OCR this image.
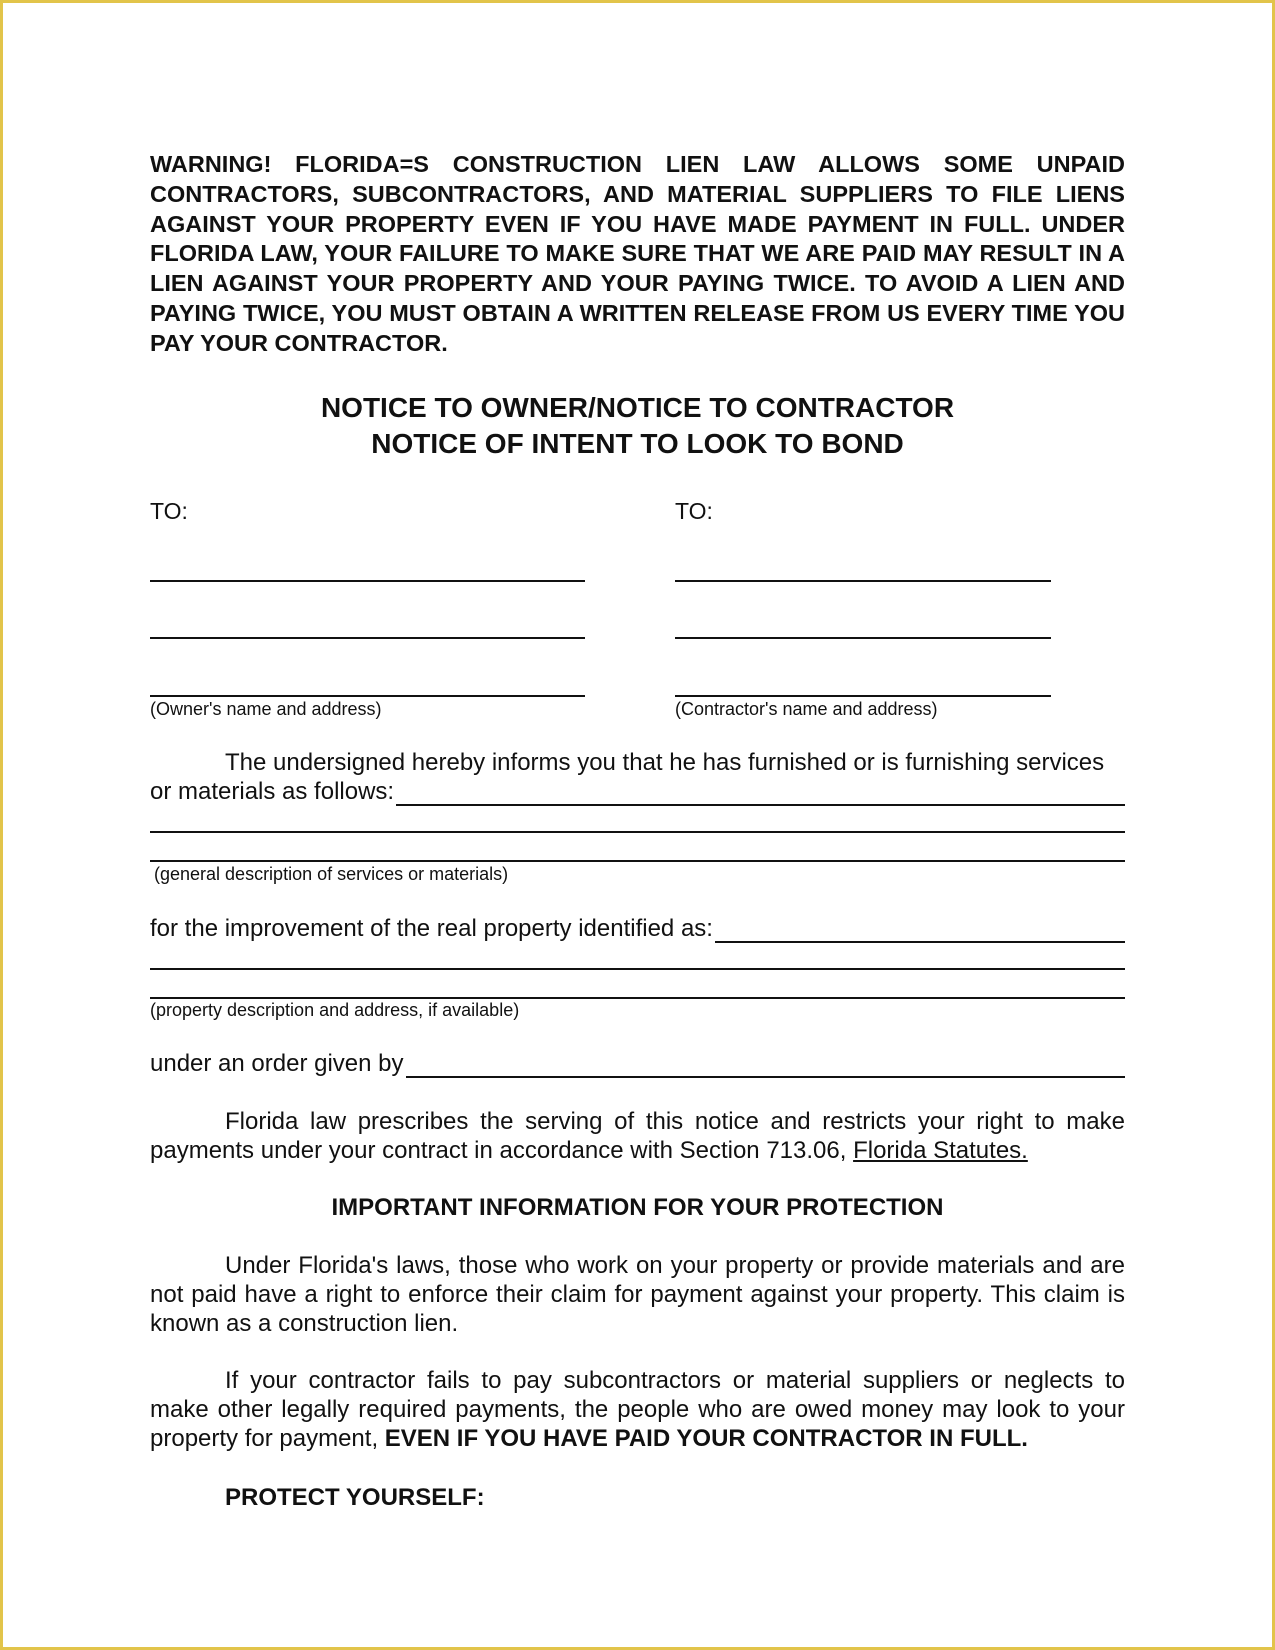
WARNING! FLORIDA=S CONSTRUCTION LIEN LAW ALLOWS SOME UNPAID CONTRACTORS, SUBCONTRACTORS, AND MATERIAL SUPPLIERS TO FILE LIENS AGAINST YOUR PROPERTY EVEN IF YOU HAVE MADE PAYMENT IN FULL. UNDER FLORIDA LAW, YOUR FAILURE TO MAKE SURE THAT WE ARE PAID MAY RESULT IN A LIEN AGAINST YOUR PROPERTY AND YOUR PAYING TWICE. TO AVOID A LIEN AND PAYING TWICE, YOU MUST OBTAIN A WRITTEN RELEASE FROM US EVERY TIME YOU PAY YOUR CONTRACTOR.

NOTICE TO OWNER/NOTICE TO CONTRACTOR
NOTICE OF INTENT TO LOOK TO BOND
TO:
(Owner's name and address)
TO:
(Contractor's name and address)

The undersigned hereby informs you that he has furnished or is furnishing services

or materials as follows:
(general description of services or materials)
for the improvement of the real property identified as:
(property description and address, if available)
under an order given by

Florida law prescribes the serving of this notice and restricts your right to make payments under your contract in accordance with Section 713.06, Florida Statutes.

IMPORTANT INFORMATION FOR YOUR PROTECTION

Under Florida's laws, those who work on your property or provide materials and are not paid have a right to enforce their claim for payment against your property. This claim is known as a construction lien.

If your contractor fails to pay subcontractors or material suppliers or neglects to make other legally required payments, the people who are owed money may look to your property for payment, EVEN IF YOU HAVE PAID YOUR CONTRACTOR IN FULL.

PROTECT YOURSELF:
